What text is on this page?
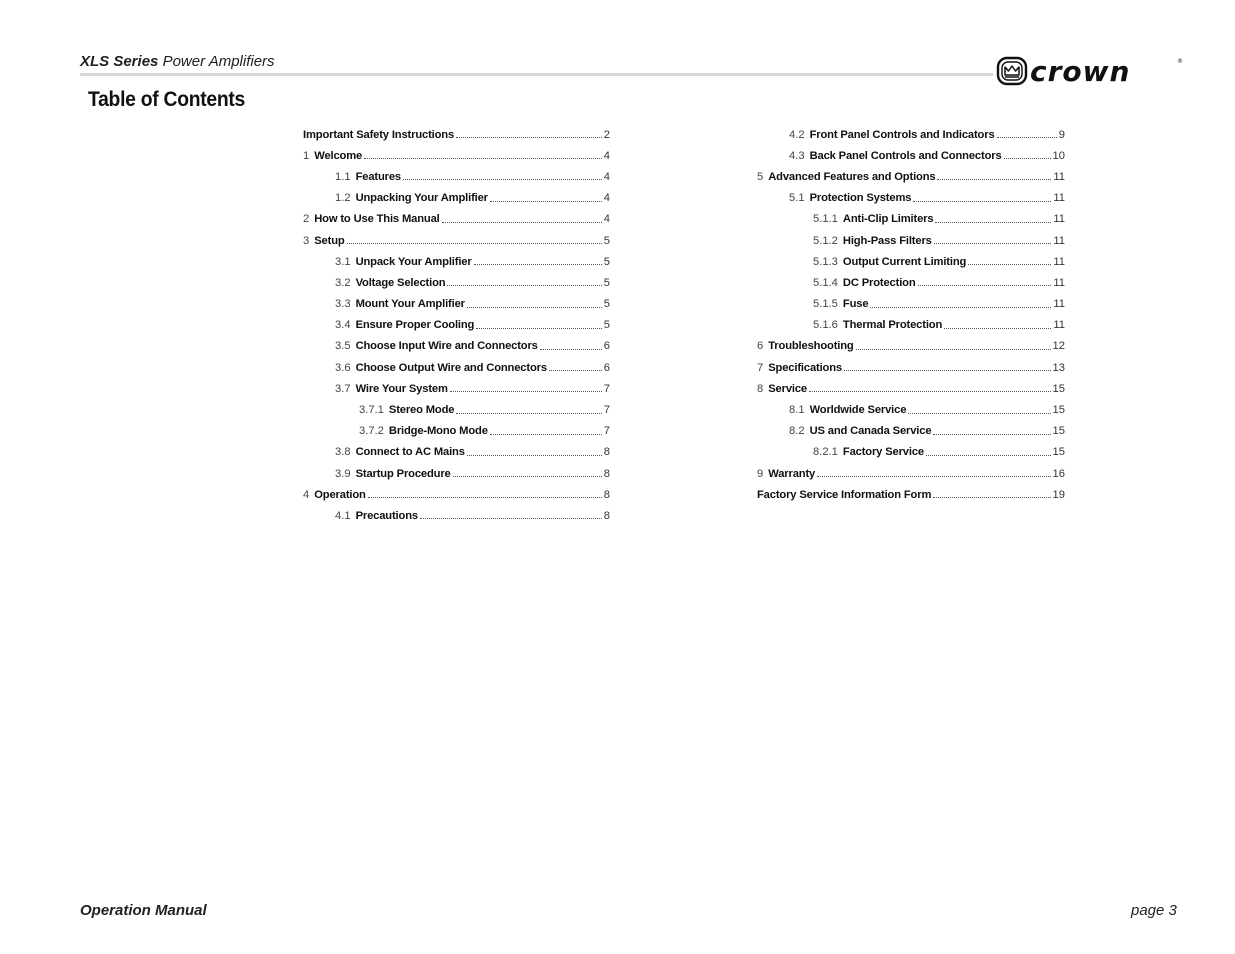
XLS Series Power Amplifiers	crown	®
Table of Contents
Important Safety Instructions	2
1 Welcome	4
1.1 Features	4
1.2 Unpacking Your Amplifier	4
2 How to Use This Manual	4
3 Setup	5
3.1 Unpack Your Amplifier	5
3.2 Voltage Selection	5
3.3 Mount Your Amplifier	5
3.4 Ensure Proper Cooling	5
3.5 Choose Input Wire and Connectors	6
3.6 Choose Output Wire and Connectors	6
3.7 Wire Your System	7
3.7.1 Stereo Mode	7
3.7.2 Bridge-Mono Mode	7
3.8 Connect to AC Mains	8
3.9 Startup Procedure	8
4 Operation	8
4.1 Precautions	8
4.2 Front Panel Controls and Indicators	9
4.3 Back Panel Controls and Connectors	10
5 Advanced Features and Options	11
5.1 Protection Systems	11
5.1.1 Anti-Clip Limiters	11
5.1.2 High-Pass Filters	11
5.1.3 Output Current Limiting	11
5.1.4 DC Protection	11
5.1.5 Fuse	11
5.1.6 Thermal Protection	11
6 Troubleshooting	12
7 Specifications	13
8 Service	15
8.1 Worldwide Service	15
8.2 US and Canada Service	15
8.2.1 Factory Service	15
9 Warranty	16
Factory Service Information Form	19
Operation Manual	page 3
